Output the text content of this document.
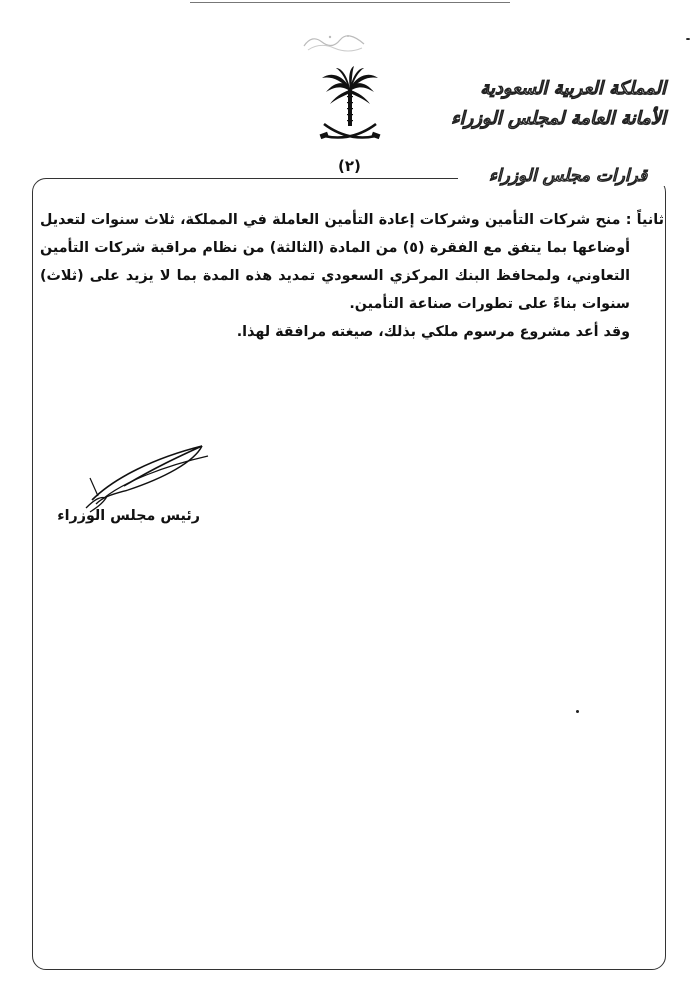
المملكة العربية السعودية
الأمانة العامة لمجلس الوزراء
(٢)	قرارات مجلس الوزراء
ثانياً : منح شركات التأمين وشركات إعادة التأمين العاملة في المملكة، ثلاث سنوات لتعديل
أوضاعها بما يتفق مع الفقرة (٥) من المادة (الثالثة) من نظام مراقبة شركات التأمين
التعاوني، ولمحافظ البنك المركزي السعودي تمديد هذه المدة بما لا يزيد على (ثلاث)
سنوات بناءً على تطورات صناعة التأمين.
وقد أعد مشروع مرسوم ملكي بذلك، صيغته مرافقة لهذا.
رئيس مجلس الوزراء
